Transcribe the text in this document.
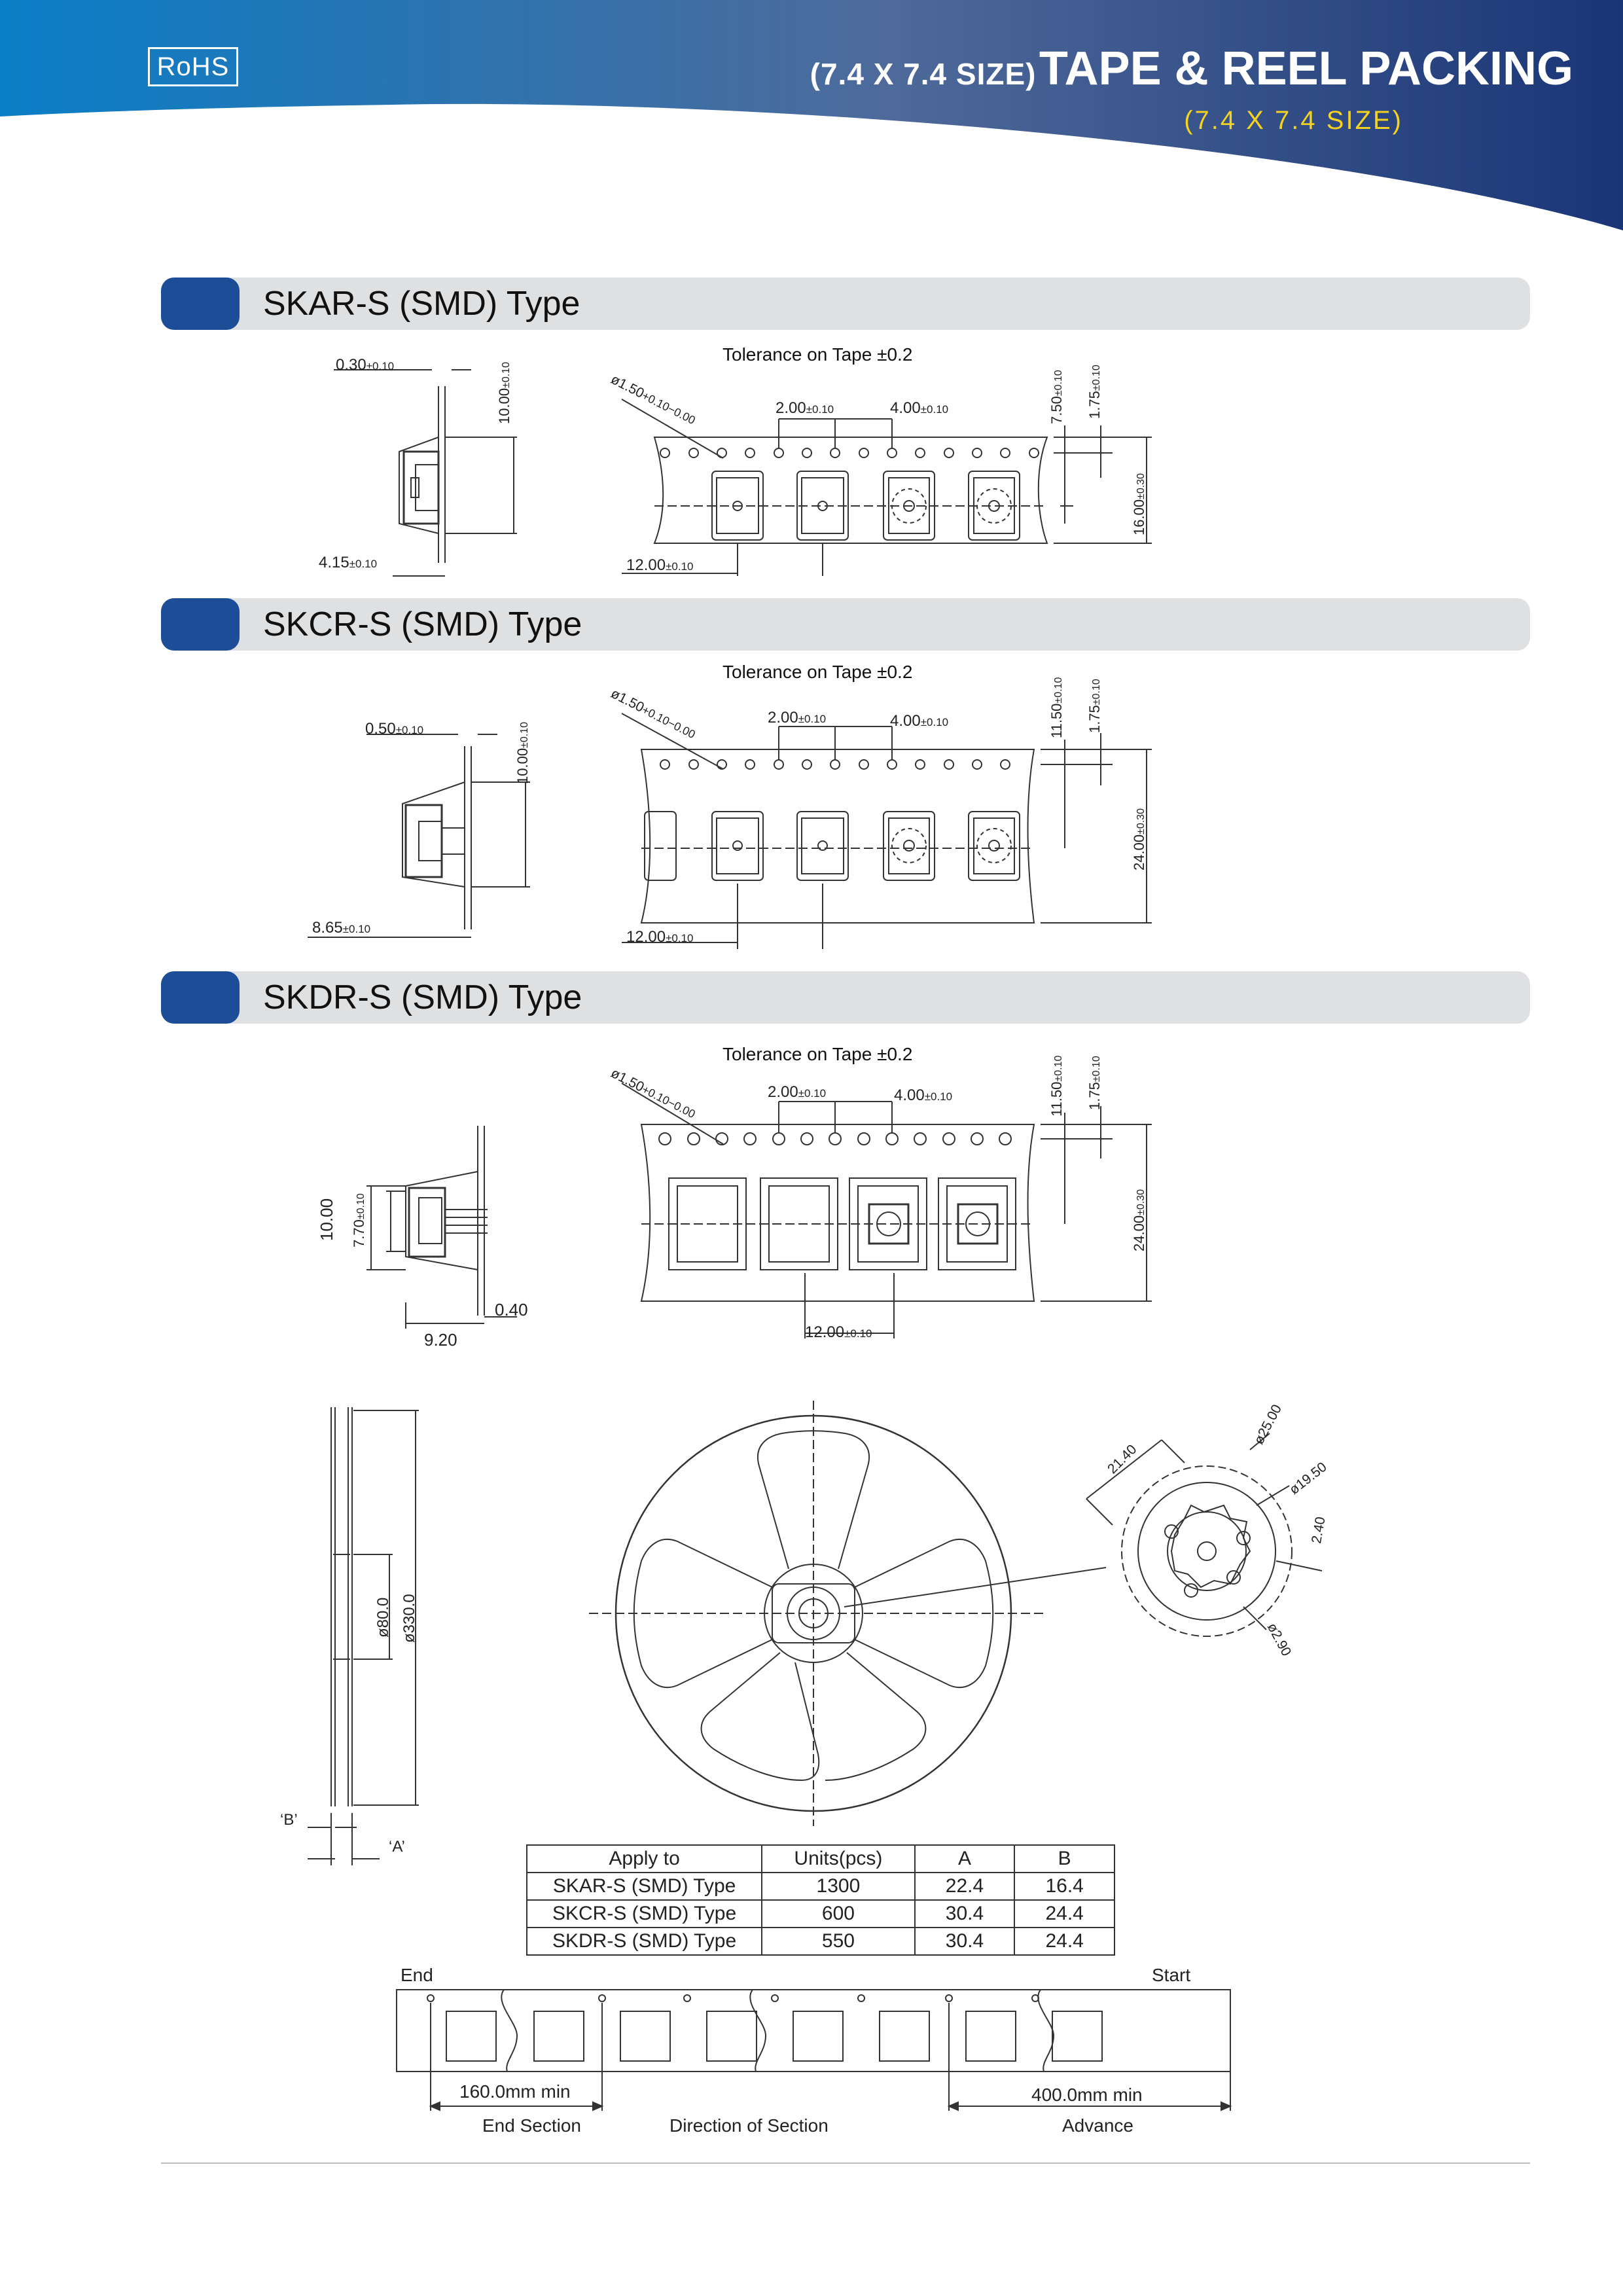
RoHS	(7.4 X 7.4 SIZE) TAPE & REEL PACKING
(7.4 X 7.4 SIZE)
SKAR-S (SMD) Type
SKCR-S (SMD) Type
SKDR-S (SMD) Type
Tolerance on Tape ±0.2
Tolerance on Tape ±0.2
Tolerance on Tape ±0.2
0.30±0.10
4.15±0.10
10.00±0.10	ø1.50+0.10−0.00	2.00±0.10	4.00±0.10
12.00±0.10
7.50±0.10
1.75±0.10
16.00±0.30
0.50±0.10
8.65±0.10
10.00±0.10
ø1.50+0.10−0.00	2.00±0.10	4.00±0.10
12.00±0.10
11.50±0.10
1.75±0.10
24.00±0.30
10.00 7.70±0.10
0.40
9.20
ø1.50+0.10−0.00	2.00±0.10	4.00±0.10
12.00±0.10
11.50±0.10
1.75±0.10
24.00±0.30
ø80.0 ø330.0
‘B’
‘A’
21.40
ø25.00
ø19.50
2.40
ø2.90
Apply to	Units(pcs)	A	B
SKAR-S (SMD) Type	1300	22.4	16.4
SKCR-S (SMD) Type	600	30.4	24.4
SKDR-S (SMD) Type	550	30.4	24.4
End	Start
160.0mm min	400.0mm min
End Section	Direction of Section	Advance
